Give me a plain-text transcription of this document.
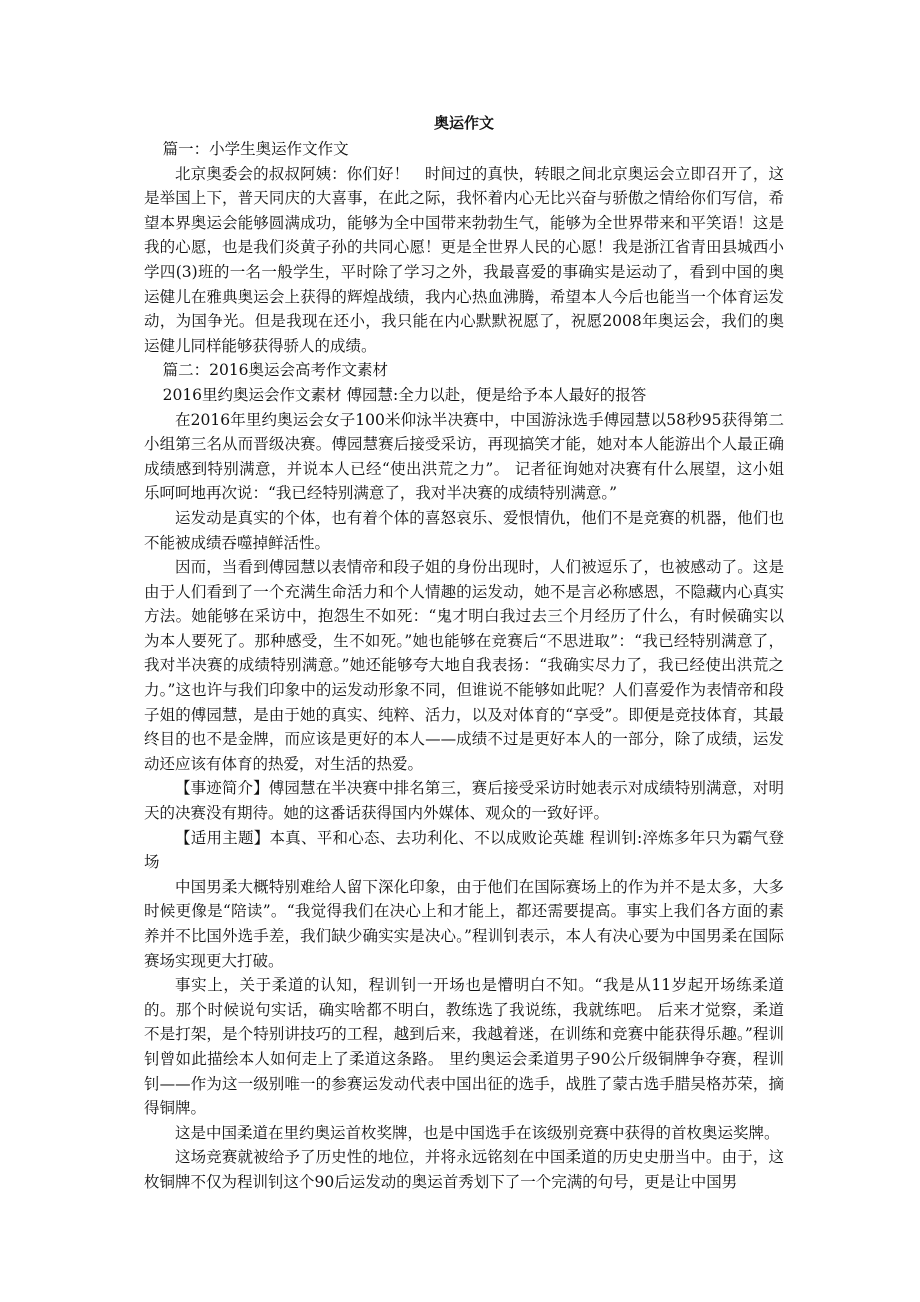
奥运作文

篇一：小学生奥运作文作文

北京奥委会的叔叔阿姨：你们好！　时间过的真快，转眼之间北京奥运会立即召开了，这是举国上下，普天同庆的大喜事，在此之际，我怀着内心无比兴奋与骄傲之情给你们写信，希望本界奥运会能够圆满成功，能够为全中国带来勃勃生气，能够为全世界带来和平笑语！这是我的心愿，也是我们炎黄子孙的共同心愿！更是全世界人民的心愿！我是浙江省青田县城西小学四(3)班的一名一般学生，平时除了学习之外，我最喜爱的事确实是运动了，看到中国的奥运健儿在雅典奥运会上获得的辉煌战绩，我内心热血沸腾，希望本人今后也能当一个体育运发动，为国争光。但是我现在还小，我只能在内心默默祝愿了，祝愿2008年奥运会，我们的奥运健儿同样能够获得骄人的成绩。

篇二：2016奥运会高考作文素材

2016里约奥运会作文素材 傅园慧:全力以赴，便是给予本人最好的报答

在2016年里约奥运会女子100米仰泳半决赛中，中国游泳选手傅园慧以58秒95获得第二小组第三名从而晋级决赛。傅园慧赛后接受采访，再现搞笑才能，她对本人能游出个人最正确成绩感到特别满意，并说本人已经“使出洪荒之力”。 记者征询她对决赛有什么展望，这小姐乐呵呵地再次说：“我已经特别满意了，我对半决赛的成绩特别满意。”

运发动是真实的个体，也有着个体的喜怒哀乐、爱恨情仇，他们不是竞赛的机器，他们也不能被成绩吞噬掉鲜活性。

因而，当看到傅园慧以表情帝和段子姐的身份出现时，人们被逗乐了，也被感动了。这是由于人们看到了一个充满生命活力和个人情趣的运发动，她不是言必称感恩，不隐藏内心真实方法。她能够在采访中，抱怨生不如死：“鬼才明白我过去三个月经历了什么，有时候确实以为本人要死了。那种感受，生不如死。”她也能够在竞赛后“不思进取”：“我已经特别满意了，我对半决赛的成绩特别满意。”她还能够夸大地自我表扬：“我确实尽力了，我已经使出洪荒之力。”这也许与我们印象中的运发动形象不同，但谁说不能够如此呢？人们喜爱作为表情帝和段子姐的傅园慧，是由于她的真实、纯粹、活力，以及对体育的“享受”。即便是竞技体育，其最终目的也不是金牌，而应该是更好的本人——成绩不过是更好本人的一部分，除了成绩，运发动还应该有体育的热爱，对生活的热爱。

【事迹简介】傅园慧在半决赛中排名第三，赛后接受采访时她表示对成绩特别满意，对明天的决赛没有期待。她的这番话获得国内外媒体、观众的一致好评。

【适用主题】本真、平和心态、去功利化、不以成败论英雄 程训钊:淬炼多年只为霸气登场

中国男柔大概特别难给人留下深化印象，由于他们在国际赛场上的作为并不是太多，大多时候更像是“陪读”。“我觉得我们在决心上和才能上，都还需要提高。事实上我们各方面的素养并不比国外选手差，我们缺少确实实是决心。”程训钊表示，本人有决心要为中国男柔在国际赛场实现更大打破。

事实上，关于柔道的认知，程训钊一开场也是懵明白不知。“我是从11岁起开场练柔道的。那个时候说句实话，确实啥都不明白，教练选了我说练，我就练吧。 后来才觉察，柔道不是打架，是个特别讲技巧的工程，越到后来，我越着迷，在训练和竞赛中能获得乐趣。”程训钊曾如此描绘本人如何走上了柔道这条路。 里约奥运会柔道男子90公斤级铜牌争夺赛，程训钊——作为这一级别唯一的参赛运发动代表中国出征的选手，战胜了蒙古选手腊吴格苏荣，摘得铜牌。

这是中国柔道在里约奥运首枚奖牌，也是中国选手在该级别竞赛中获得的首枚奥运奖牌。

这场竞赛就被给予了历史性的地位，并将永远铭刻在中国柔道的历史史册当中。由于，这枚铜牌不仅为程训钊这个90后运发动的奥运首秀划下了一个完满的句号，更是让中国男
